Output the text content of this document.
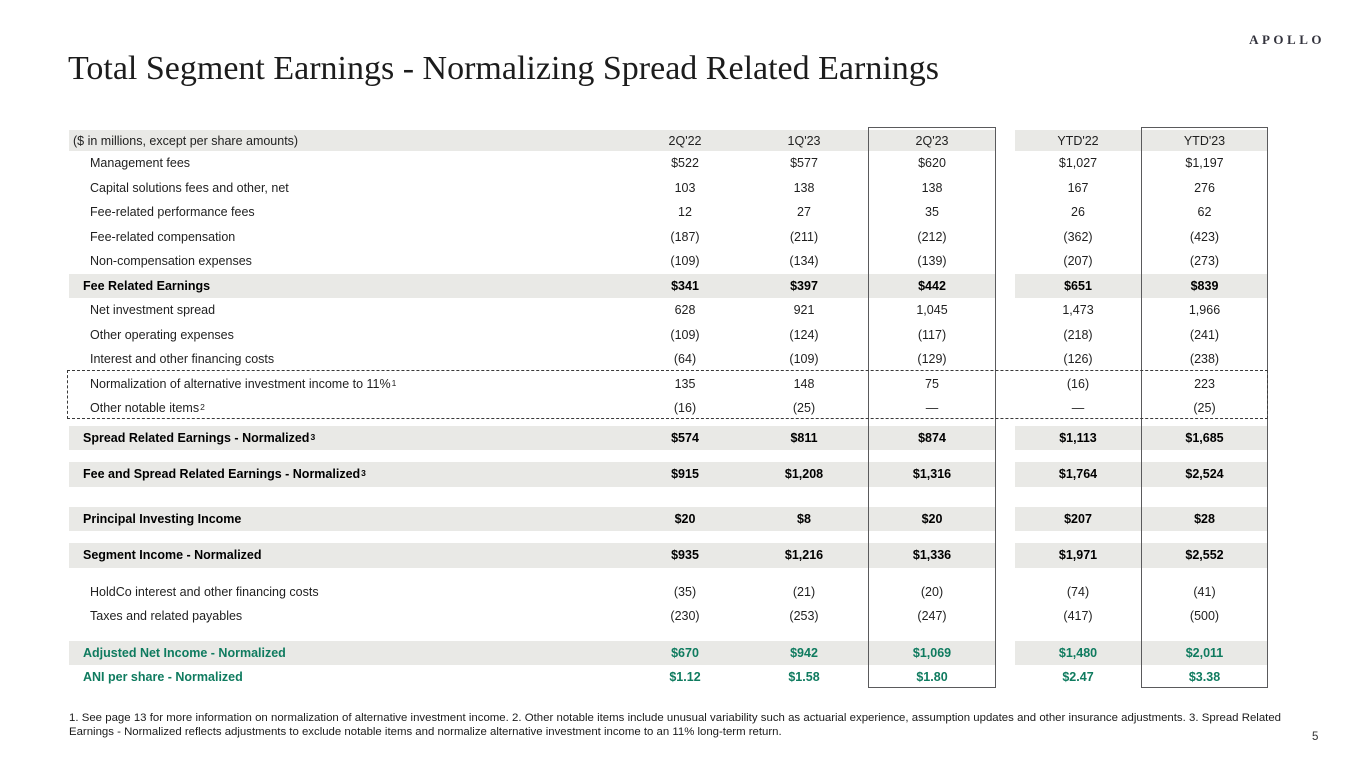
APOLLO
Total Segment Earnings - Normalizing Spread Related Earnings
($ in millions, except per share amounts)	2Q'22	1Q'23	2Q'23	YTD'22	YTD'23
Management fees	$522	$577	$620	$1,027	$1,197
Capital solutions fees and other, net	103	138	138	167	276
Fee-related performance fees	12	27	35	26	62
Fee-related compensation	(187)	(211)	(212)	(362)	(423)
Non-compensation expenses	(109)	(134)	(139)	(207)	(273)
Fee Related Earnings	$341	$397	$442	$651	$839
Net investment spread	628	921	1,045	1,473	1,966
Other operating expenses	(109)	(124)	(117)	(218)	(241)
Interest and other financing costs	(64)	(109)	(129)	(126)	(238)
Normalization of alternative investment income to 11%$^1$	135	148	75	(16)	223
Other notable items$^2$	(16)	(25)	—	—	(25)
Spread Related Earnings - Normalized$^3$	$574	$811	$874	$1,113	$1,685
Fee and Spread Related Earnings - Normalized$^3$	$915	$1,208	$1,316	$1,764	$2,524
Principal Investing Income	$20	$8	$20	$207	$28
Segment Income - Normalized	$935	$1,216	$1,336	$1,971	$2,552
HoldCo interest and other financing costs	(35)	(21)	(20)	(74)	(41)
Taxes and related payables	(230)	(253)	(247)	(417)	(500)
Adjusted Net Income - Normalized	$670	$942	$1,069	$1,480	$2,011
ANI per share - Normalized	$1.12	$1.58	$1.80	$2.47	$3.38
1. See page 13 for more information on normalization of alternative investment income. 2. Other notable items include unusual variability such as actuarial experience, assumption updates and other insurance adjustments. 3. Spread Related Earnings - Normalized reflects adjustments to exclude notable items and normalize alternative investment income to an 11% long-term return.	5
